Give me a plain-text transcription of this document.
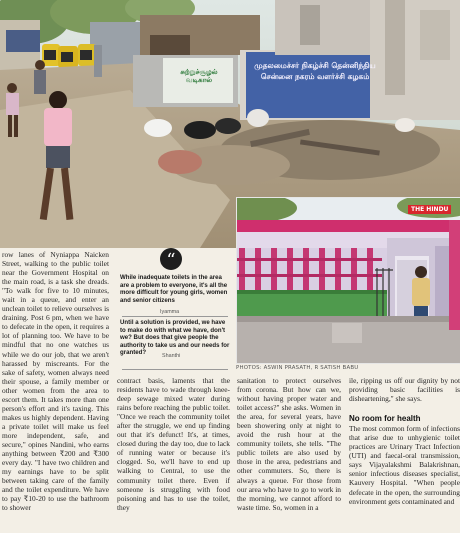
சுற்றுச்சூழல் வடிகால்
முதலமைச்சர் நிகழ்ச்சி தென்னிந்திய சென்னை நகரம் வளர்ச்சி கழகம்
THE HINDU
PHOTOS: ASWIN PRASATH, R SATISH BABU

row lanes of Nyniappa Naicken Street, walking to the public toilet near the Government Hospital on the main road, is a task she dreads. "To walk for five to 10 minutes, wait in a queue, and enter an unclean toilet to relieve ourselves is draining. Post 6 pm, when we have to defecate in the open, it requires a lot of planning too. We have to be mindful that no one watches us while we do our job, that we aren't harassed by miscreants. For the sake of safety, women always need their spouse, a family member or other women from the area to escort them. It takes more than one person's effort and it's taxing. This makes us highly dependent. Having a private toilet will make us feel more independent, safe, and secure," opines Nandini, who earns anything between ₹200 and ₹300 every day. "I have two children and my earnings have to be split between taking care of the family and the toilet expenditure. We have to pay ₹10-20 to use the bathroom to shower

“
While inadequate toilets in the area are a problem to everyone, it's all the more difficult for young girls, women and senior citizens
Iyamma
Until a solution is provided, we have to make do with what we have, don't we? But does that give people the authority to take us and our needs for granted?	Shanthi

contract basis, laments that the residents have to wade through knee-deep sewage mixed water during rains before reaching the public toilet. "Once we reach the community toilet after the struggle, we end up finding out that it's defunct! It's, at times, closed during the day too, due to lack of running water or because it's clogged. So, we'll have to end up walking to Central, to use the community toilet there. Even if someone is struggling with food poisoning and has to use the toilet, they

sanitation to protect ourselves from corona. But how can we, without having proper water and toilet access?" she asks. Women in the area, for several years, have been showering only at night to avoid the rush hour at the community toilets, she tells. "The public toilets are also used by those in the area, pedestrians and other commuters. So, there is always a queue. For those from our area who have to go to work in the morning, we cannot afford to waste time. So, women in a

ile, ripping us off our dignity by not providing basic facilities is disheartening," she says.

No room for health

The most common form of infections that arise due to unhygienic toilet practices are Urinary Tract Infection (UTI) and faecal-oral transmission, says Vijayalakshmi Balakrishnan, senior infectious diseases specialist, Kauvery Hospital. "When people defecate in the open, the surrounding environment gets contaminated and
